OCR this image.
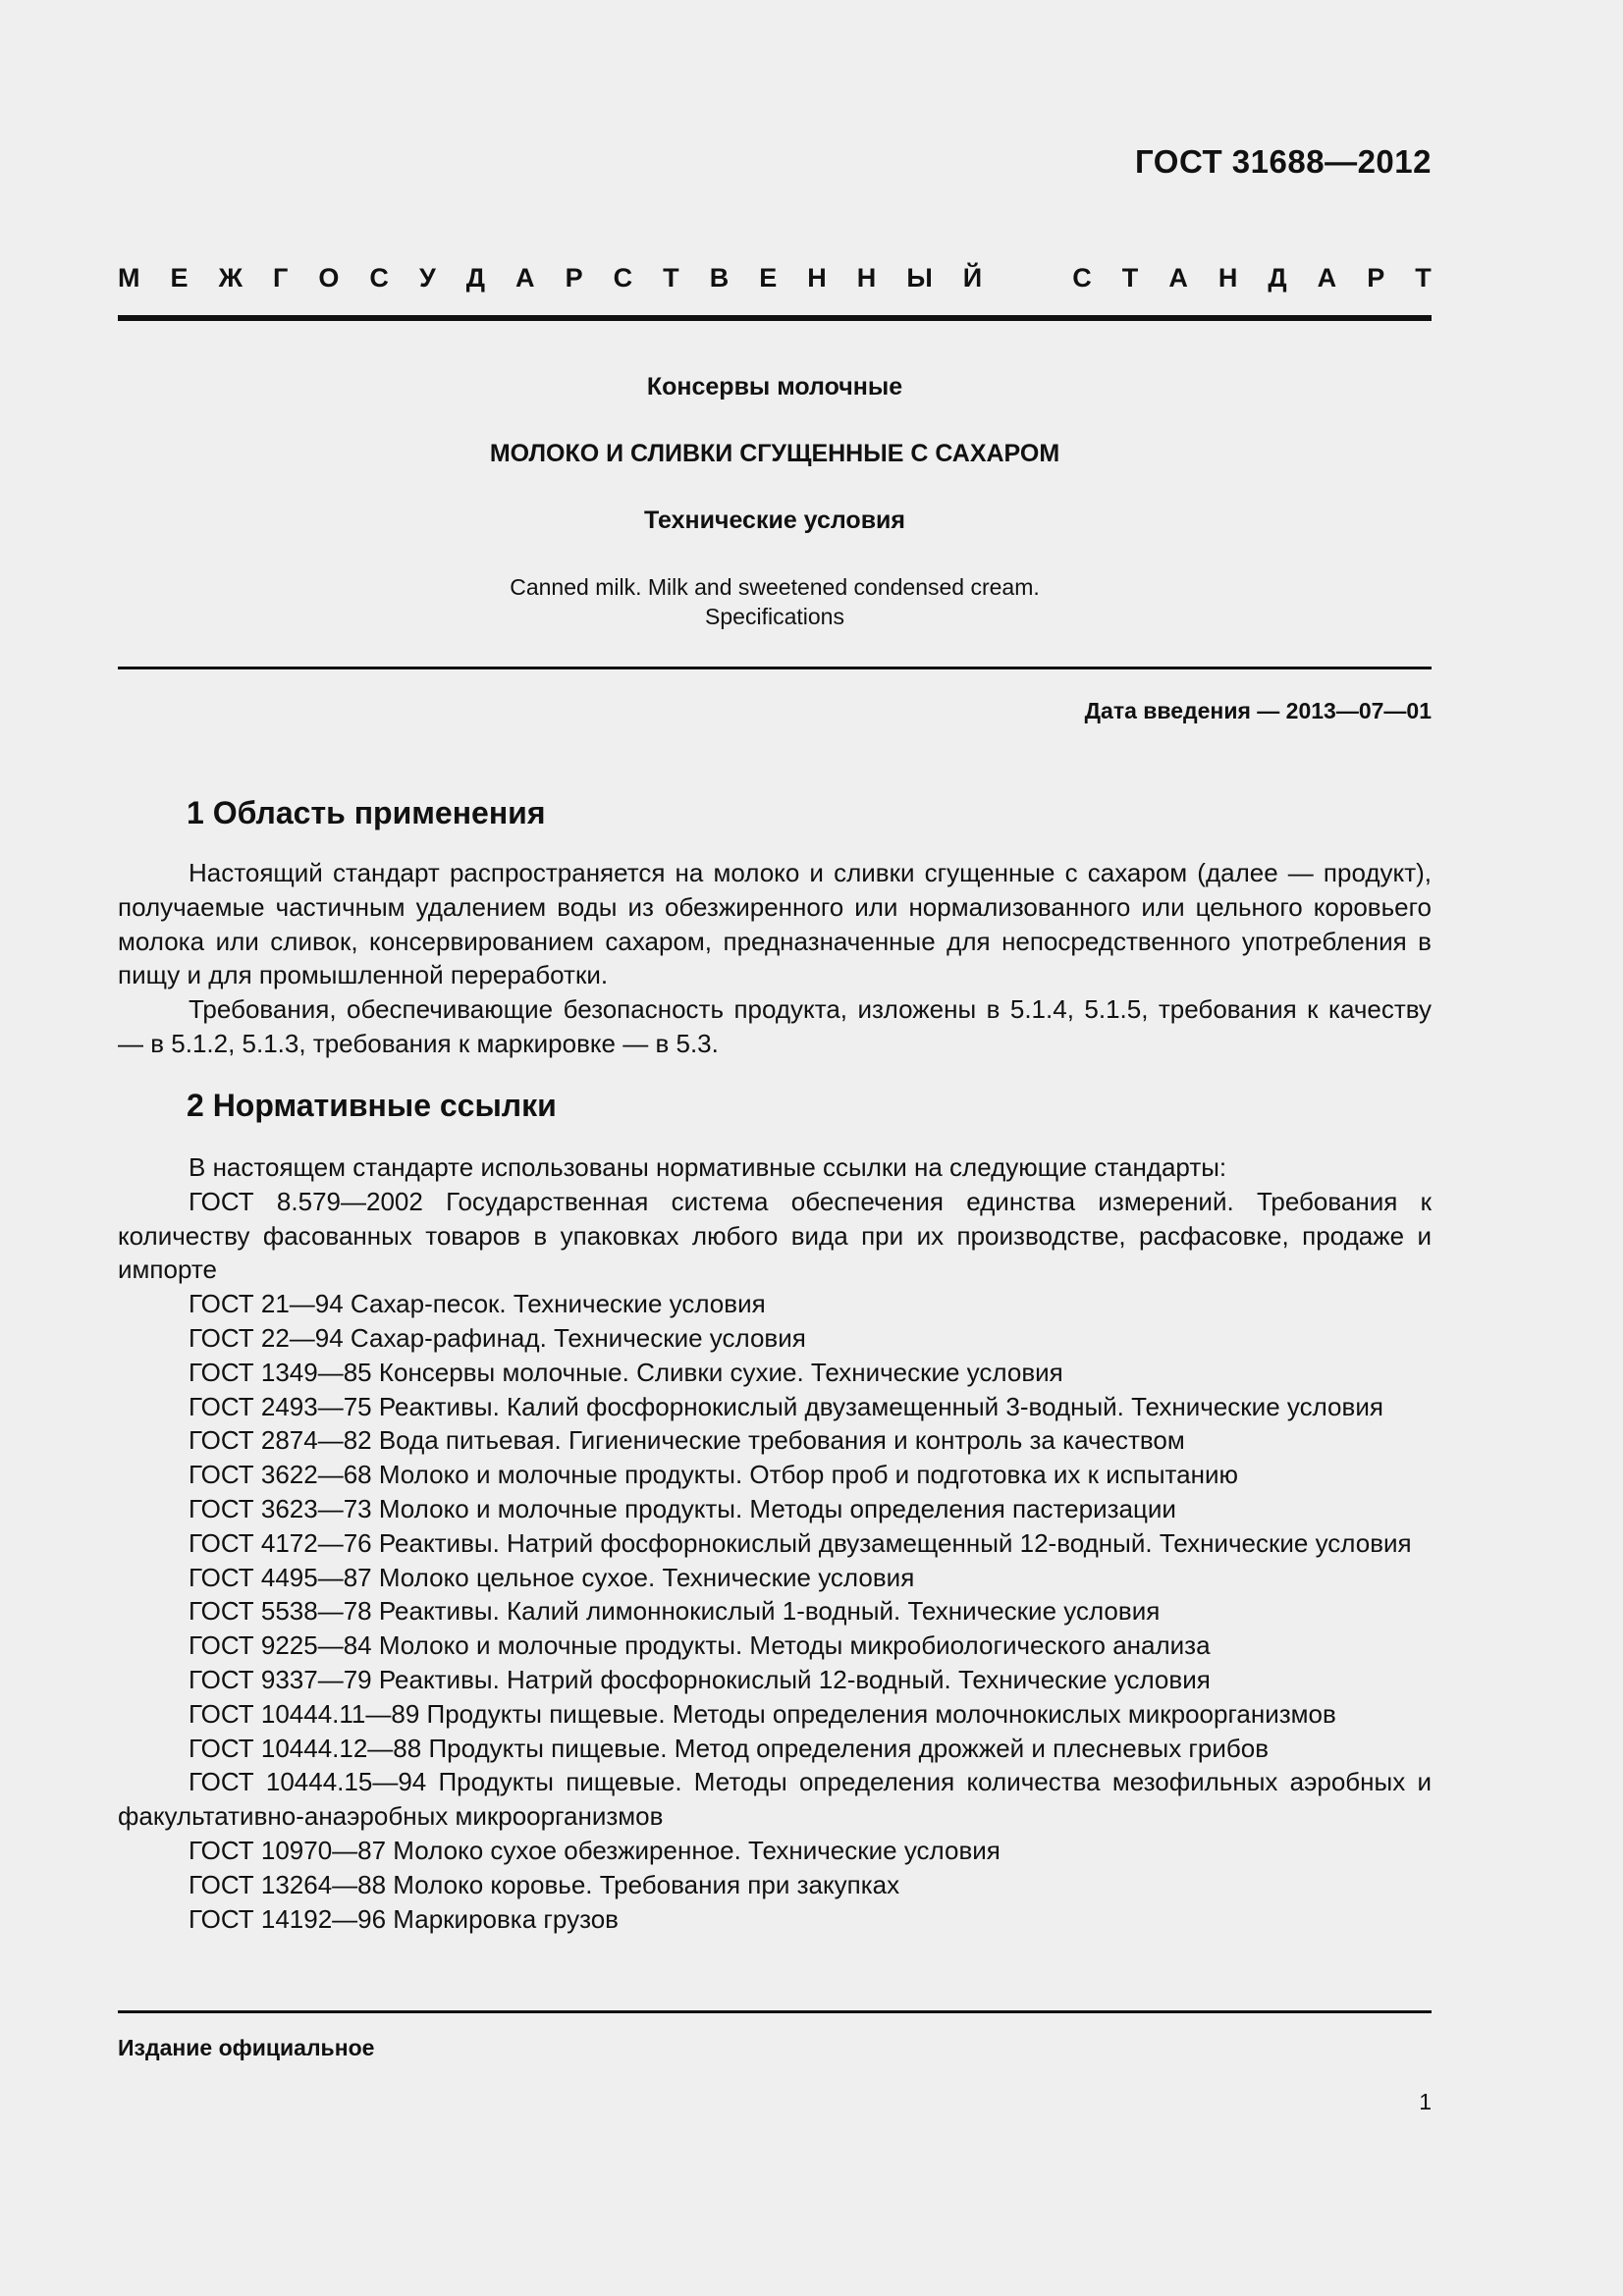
ГОСТ 31688—2012
М Е Ж Г О С У Д А Р С Т В Е Н Н Ы Й	С Т А Н Д А Р Т
Консервы молочные
МОЛОКО И СЛИВКИ СГУЩЕННЫЕ С САХАРОМ
Технические условия
Canned milk. Milk and sweetened condensed cream.
Specifications
Дата введения — 2013—07—01
1 Область применения

Настоящий стандарт распространяется на молоко и сливки сгущенные с сахаром (далее — продукт), получаемые частичным удалением воды из обезжиренного или нормализованного или цельного коровьего молока или сливок, консервированием сахаром, предназначенные для непосредственного употребления в пищу и для промышленной переработки.

Требования, обеспечивающие безопасность продукта, изложены в 5.1.4, 5.1.5, требования к качеству — в 5.1.2, 5.1.3, требования к маркировке — в 5.3.

2 Нормативные ссылки

В настоящем стандарте использованы нормативные ссылки на следующие стандарты:

ГОСТ 8.579—2002 Государственная система обеспечения единства измерений. Требования к количеству фасованных товаров в упаковках любого вида при их производстве, расфасовке, продаже и импорте

ГОСТ 21—94 Сахар-песок. Технические условия

ГОСТ 22—94 Сахар-рафинад. Технические условия

ГОСТ 1349—85 Консервы молочные. Сливки сухие. Технические условия

ГОСТ 2493—75 Реактивы. Калий фосфорнокислый двузамещенный 3-водный. Технические условия

ГОСТ 2874—82 Вода питьевая. Гигиенические требования и контроль за качеством

ГОСТ 3622—68 Молоко и молочные продукты. Отбор проб и подготовка их к испытанию

ГОСТ 3623—73 Молоко и молочные продукты. Методы определения пастеризации

ГОСТ 4172—76 Реактивы. Натрий фосфорнокислый двузамещенный 12-водный. Технические условия

ГОСТ 4495—87 Молоко цельное сухое. Технические условия

ГОСТ 5538—78 Реактивы. Калий лимоннокислый 1-водный. Технические условия

ГОСТ 9225—84 Молоко и молочные продукты. Методы микробиологического анализа

ГОСТ 9337—79 Реактивы. Натрий фосфорнокислый 12-водный. Технические условия

ГОСТ 10444.11—89 Продукты пищевые. Методы определения молочнокислых микроорганизмов

ГОСТ 10444.12—88 Продукты пищевые. Метод определения дрожжей и плесневых грибов

ГОСТ 10444.15—94 Продукты пищевые. Методы определения количества мезофильных аэробных и факультативно-анаэробных микроорганизмов

ГОСТ 10970—87 Молоко сухое обезжиренное. Технические условия

ГОСТ 13264—88 Молоко коровье. Требования при закупках

ГОСТ 14192—96 Маркировка грузов

Издание официальное
1
